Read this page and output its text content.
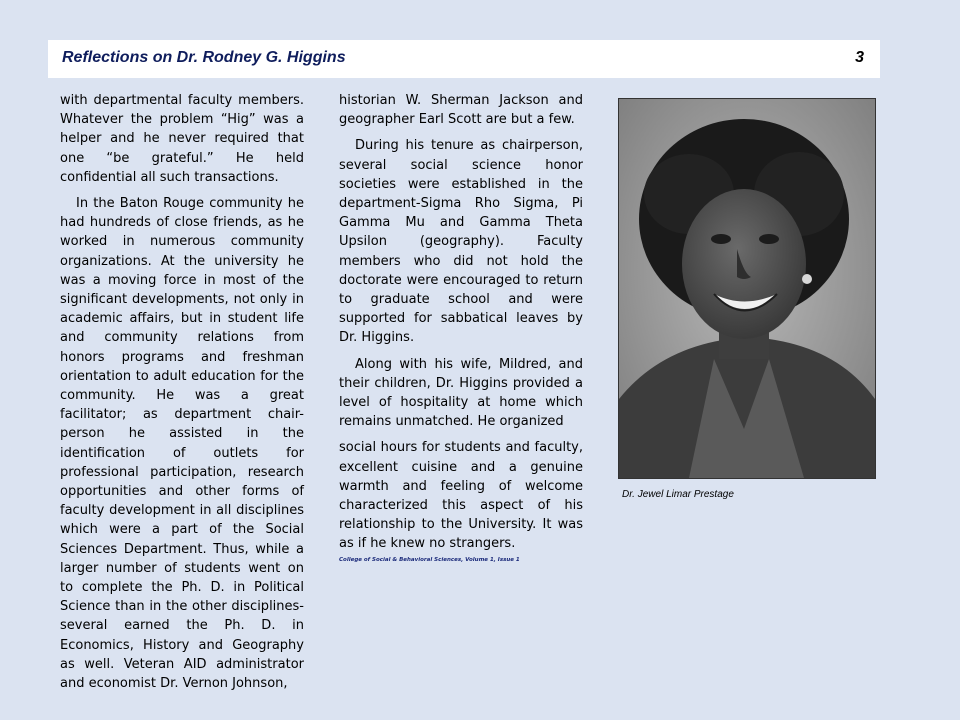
Reflections on Dr. Rodney G. Higgins	3

with departmental faculty members. Whatever the problem “Hig” was a helper and he never required that one “be grateful.” He held confidential all such transactions.

In the Baton Rouge community he had hundreds of close friends, as he worked in numerous community organizations. At the university he was a moving force in most of the significant developments, not only in academic affairs, but in student life and community relations from honors programs and freshman orientation to adult education for the community. He was a great facilitator; as department chair-person he assisted in the identification of outlets for professional participation, research opportunities and other forms of faculty development in all disciplines which were a part of the Social Sciences Department. Thus, while a larger number of students went on to complete the Ph. D. in Political Science than in the other disciplines-several earned the Ph. D. in Economics, History and Geography as well. Veteran AID administrator and economist Dr. Vernon Johnson,

historian W. Sherman Jackson and geographer Earl Scott are but a few.

During his tenure as chairperson, several social science honor societies were established in the department-Sigma Rho Sigma, Pi Gamma Mu and Gamma Theta Upsilon (geography). Faculty members who did not hold the doctorate were encouraged to return to graduate school and were supported for sabbatical leaves by Dr. Higgins.

Along with his wife, Mildred, and their children, Dr. Higgins provided a level of hospitality at home which remains unmatched. He organized

social hours for students and faculty, excellent cuisine and a genuine warmth and feeling of welcome characterized this aspect of his relationship to the University. It was as if he knew no strangers.

College of Social & Behavioral Sciences, Volume 1, Issue 1
Dr. Jewel Limar Prestage
